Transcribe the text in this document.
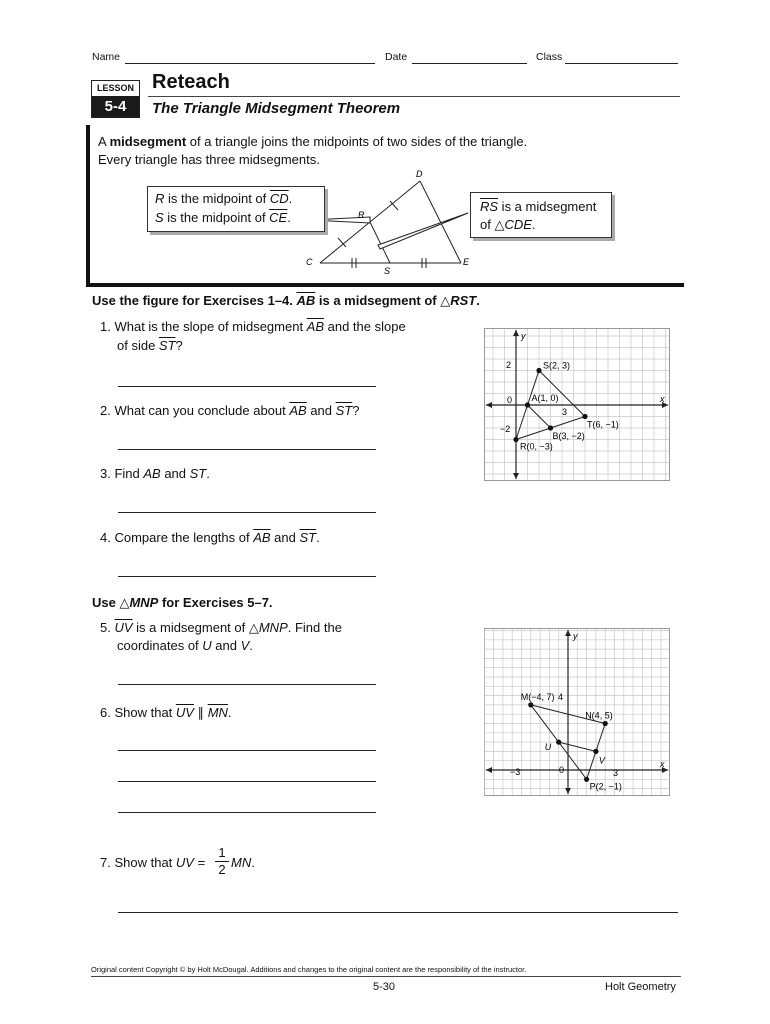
Name	Date	Class
LESSON
5-4
Reteach
The Triangle Midsegment Theorem
A midsegment of a triangle joins the midpoints of two sides of the triangle.
Every triangle has three midsegments.
D
R
C
S
E
R is the midpoint of $\overline{CD}$.
S is the midpoint of $\overline{CE}$.
$\overline{RS}$ is a midsegment
of △CDE.
Use the figure for Exercises 1–4. $\overline{AB}$ is a midsegment of △RST.
1. What is the slope of midsegment $\overline{AB}$ and the slope
of side $\overline{ST}$?
2. What can you conclude about $\overline{AB}$ and $\overline{ST}$?
3. Find AB and ST.
4. Compare the lengths of $\overline{AB}$ and $\overline{ST}$.
x
y
0
3
2
−2
S(2, 3)
A(1, 0)
T(6, −1)
B(3, −2)
R(0, −3)
Use △MNP for Exercises 5–7.
5. $\overline{UV}$ is a midsegment of △MNP. Find the
coordinates of U and V.
6. Show that $\overline{UV}$ ∥ $\overline{MN}$.
x
y
−3	0	3
4
M(−4, 7)
N(4, 5)
P(2, −1)
U
V
7. Show that UV = $\frac{1}{2}$ MN.
Original content Copyright © by Holt McDougal. Additions and changes to the original content are the responsibility of the instructor.
5-30	Holt Geometry
